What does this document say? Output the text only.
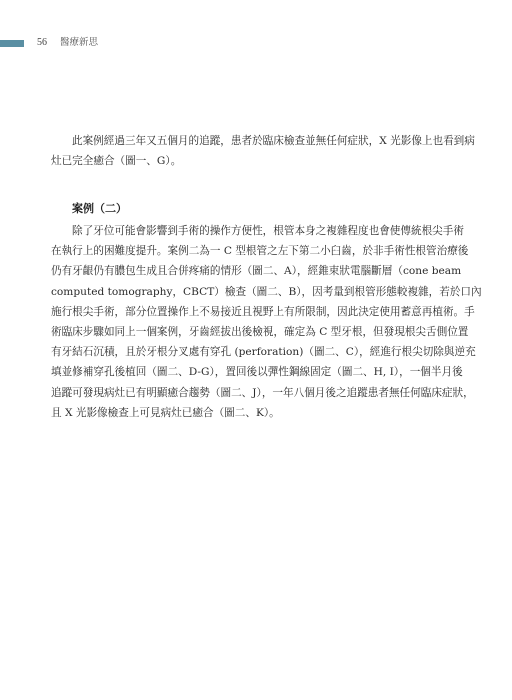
56 醫療新思

此案例經過三年又五個月的追蹤，患者於臨床檢查並無任何症狀，X 光影像上也看到病
灶已完全癒合（圖一、G）。

案例（二）

除了牙位可能會影響到手術的操作方便性，根管本身之複雜程度也會使傳統根尖手術
在執行上的困難度提升。案例二為一 C 型根管之左下第二小臼齒，於非手術性根管治療後
仍有牙齦仍有膿包生成且合併疼痛的情形（圖二、A），經錐束狀電腦斷層（cone beam
computed tomography，CBCT）檢查（圖二、B），因考量到根管形態較複雜，若於口內
施行根尖手術，部分位置操作上不易接近且視野上有所限制，因此決定使用蓄意再植術。手
術臨床步驟如同上一個案例，牙齒經拔出後檢視，確定為 C 型牙根，但發現根尖舌側位置
有牙結石沉積，且於牙根分叉處有穿孔 (perforation)（圖二、C），經進行根尖切除與逆充
填並修補穿孔後植回（圖二、D-G），置回後以彈性鋼線固定（圖二、H, I），一個半月後
追蹤可發現病灶已有明顯癒合趨勢（圖二、J），一年八個月後之追蹤患者無任何臨床症狀，
且 X 光影像檢查上可見病灶已癒合（圖二、K）。
